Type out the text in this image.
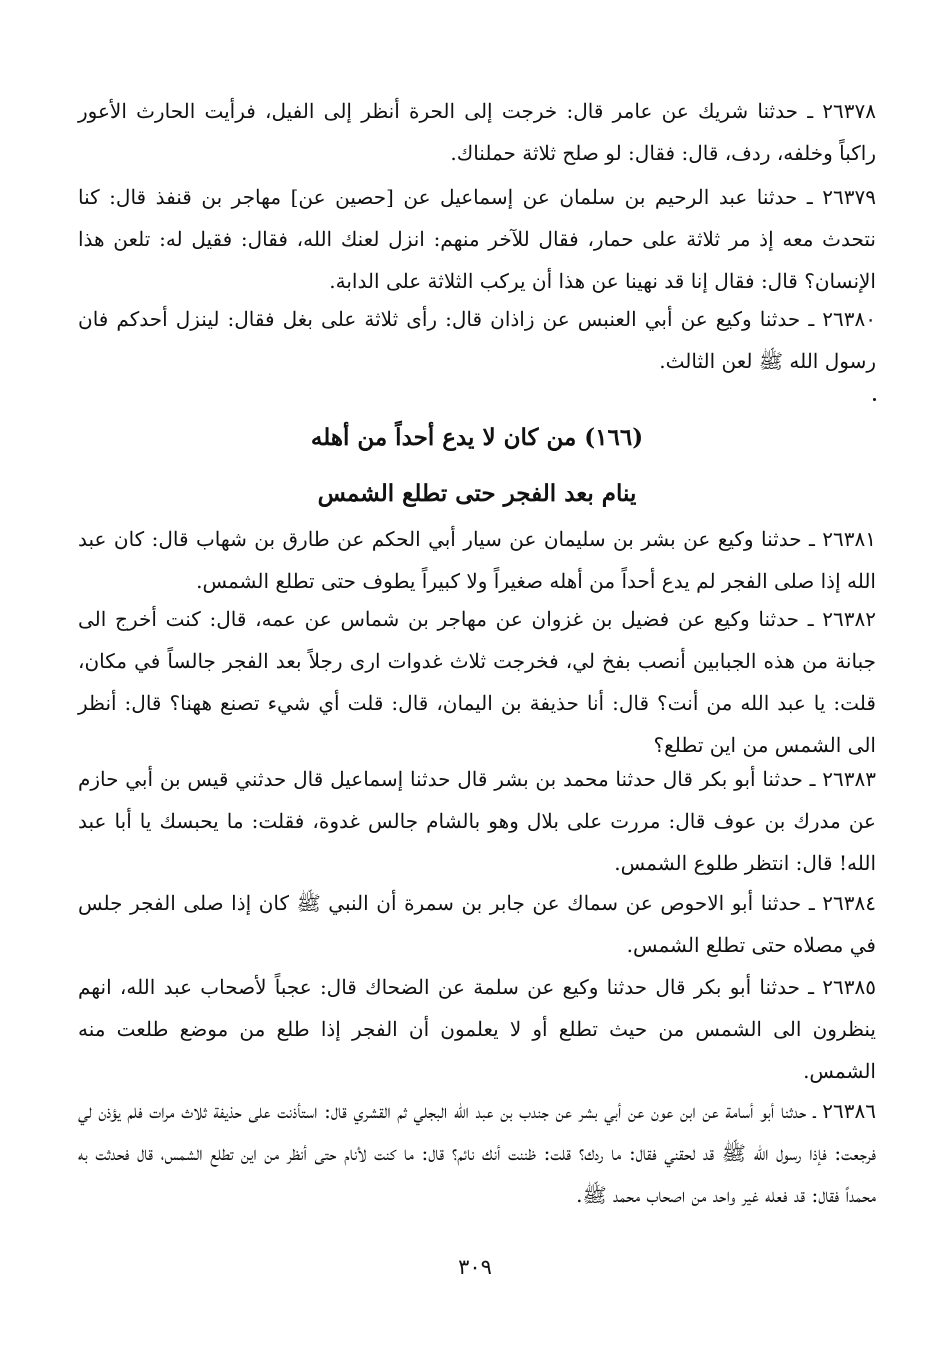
٢٦٣٧٨ ـ حدثنا شريك عن عامر قال: خرجت إلى الحرة أنظر إلى الفيل، فرأيت الحارث الأعور راكباً وخلفه، ردف، قال: فقال: لو صلح ثلاثة حملناك.

٢٦٣٧٩ ـ حدثنا عبد الرحيم بن سلمان عن إسماعيل عن [حصين عن] مهاجر بن قنفذ قال: كنا نتحدث معه إذ مر ثلاثة على حمار، فقال للآخر منهم: انزل لعنك الله، فقال: فقيل له: تلعن هذا الإنسان؟ قال: فقال إنا قد نهينا عن هذا أن يركب الثلاثة على الدابة.

٢٦٣٨٠ ـ حدثنا وكيع عن أبي العنبس عن زاذان قال: رأى ثلاثة على بغل فقال: لينزل أحدكم فان رسول الله ﷺ لعن الثالث.

(١٦٦) من كان لا يدع أحداً من أهله
ينام بعد الفجر حتى تطلع الشمس

٢٦٣٨١ ـ حدثنا وكيع عن بشر بن سليمان عن سيار أبي الحكم عن طارق بن شهاب قال: كان عبد الله إذا صلى الفجر لم يدع أحداً من أهله صغيراً ولا كبيراً يطوف حتى تطلع الشمس.

٢٦٣٨٢ ـ حدثنا وكيع عن فضيل بن غزوان عن مهاجر بن شماس عن عمه، قال: كنت أخرج الى جبانة من هذه الجبابين أنصب بفخ لي، فخرجت ثلاث غدوات ارى رجلاً بعد الفجر جالساً في مكان، قلت: يا عبد الله من أنت؟ قال: أنا حذيفة بن اليمان، قال: قلت أي شيء تصنع ههنا؟ قال: أنظر الى الشمس من اين تطلع؟

٢٦٣٨٣ ـ حدثنا أبو بكر قال حدثنا محمد بن بشر قال حدثنا إسماعيل قال حدثني قيس بن أبي حازم عن مدرك بن عوف قال: مررت على بلال وهو بالشام جالس غدوة، فقلت: ما يحبسك يا أبا عبد الله! قال: انتظر طلوع الشمس.

٢٦٣٨٤ ـ حدثنا أبو الاحوص عن سماك عن جابر بن سمرة أن النبي ﷺ كان إذا صلى الفجر جلس في مصلاه حتى تطلع الشمس.

٢٦٣٨٥ ـ حدثنا أبو بكر قال حدثنا وكيع عن سلمة عن الضحاك قال: عجباً لأصحاب عبد الله، انهم ينظرون الى الشمس من حيث تطلع أو لا يعلمون أن الفجر إذا طلع من موضع طلعت منه الشمس.

٢٦٣٨٦ ـ حدثنا أبو أسامة عن ابن عون عن أبي بشر عن جندب بن عبد الله البجلي ثم القشري قال: استأذنت على حذيفة ثلاث مرات فلم يؤذن لي فرجعت: فإذا رسول الله ﷺ قد لحقني فقال: ما ردك؟ قلت: ظننت أنك نائم؟ قال: ما كنت لأنام حتى أنظر من اين تطلع الشمس، قال فحدثت به محمداً فقال: قد فعله غير واحد من اصحاب محمد ﷺ.

٣٠٩
